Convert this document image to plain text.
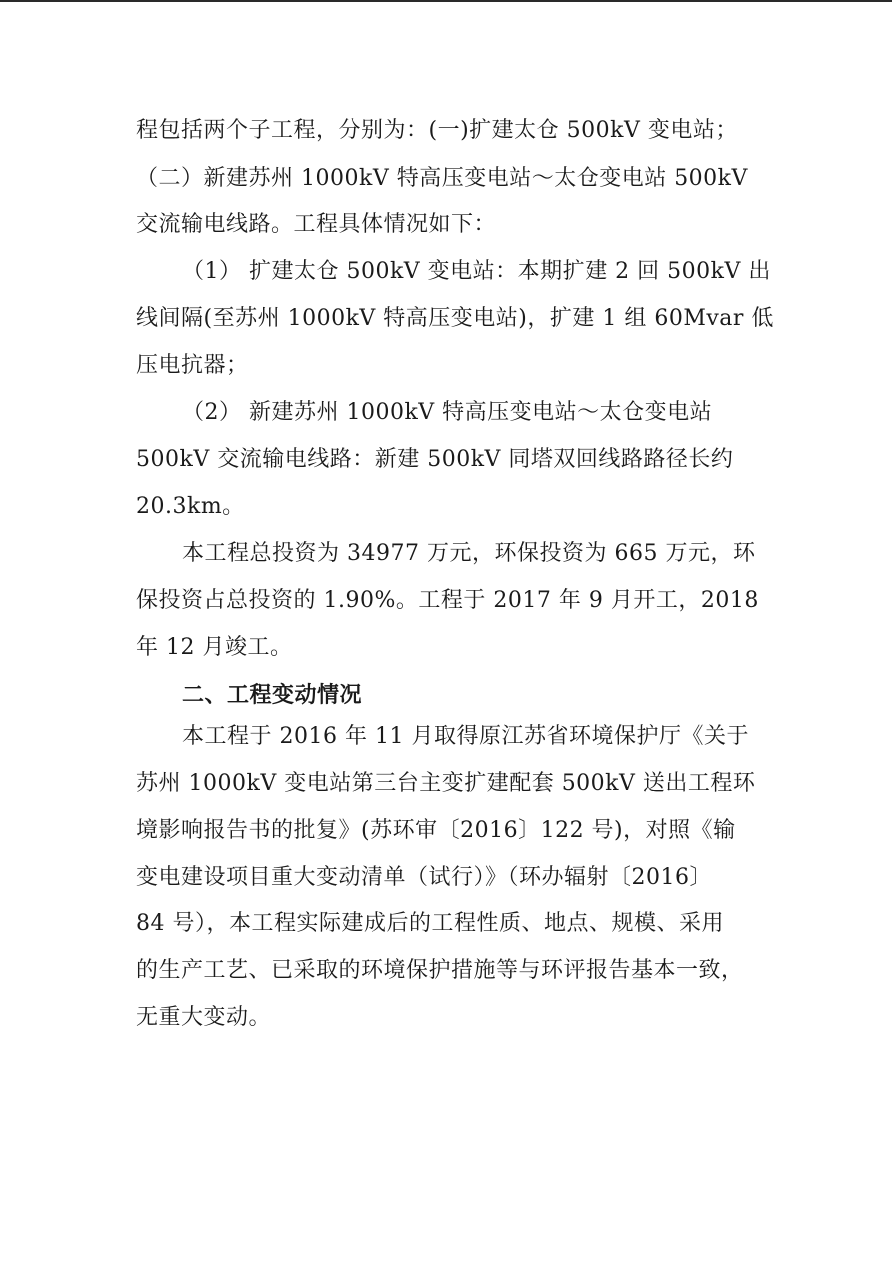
程包括两个子工程，分别为：(一)扩建太仓 500kV 变电站；
（二）新建苏州 1000kV 特高压变电站～太仓变电站 500kV
交流输电线路。工程具体情况如下：
（1） 扩建太仓 500kV 变电站：本期扩建 2 回 500kV 出
线间隔(至苏州 1000kV 特高压变电站)，扩建 1 组 60Mvar 低
压电抗器；
（2） 新建苏州 1000kV 特高压变电站～太仓变电站
500kV 交流输电线路：新建 500kV 同塔双回线路路径长约
20.3km。
本工程总投资为 34977 万元，环保投资为 665 万元，环
保投资占总投资的 1.90%。工程于 2017 年 9 月开工，2018
年 12 月竣工。
二、工程变动情况
本工程于 2016 年 11 月取得原江苏省环境保护厅《关于
苏州 1000kV 变电站第三台主变扩建配套 500kV 送出工程环
境影响报告书的批复》(苏环审〔2016〕122 号)，对照《输
变电建设项目重大变动清单（试行）》（环办辐射〔2016〕
84 号），本工程实际建成后的工程性质、地点、规模、采用
的生产工艺、已采取的环境保护措施等与环评报告基本一致，
无重大变动。
